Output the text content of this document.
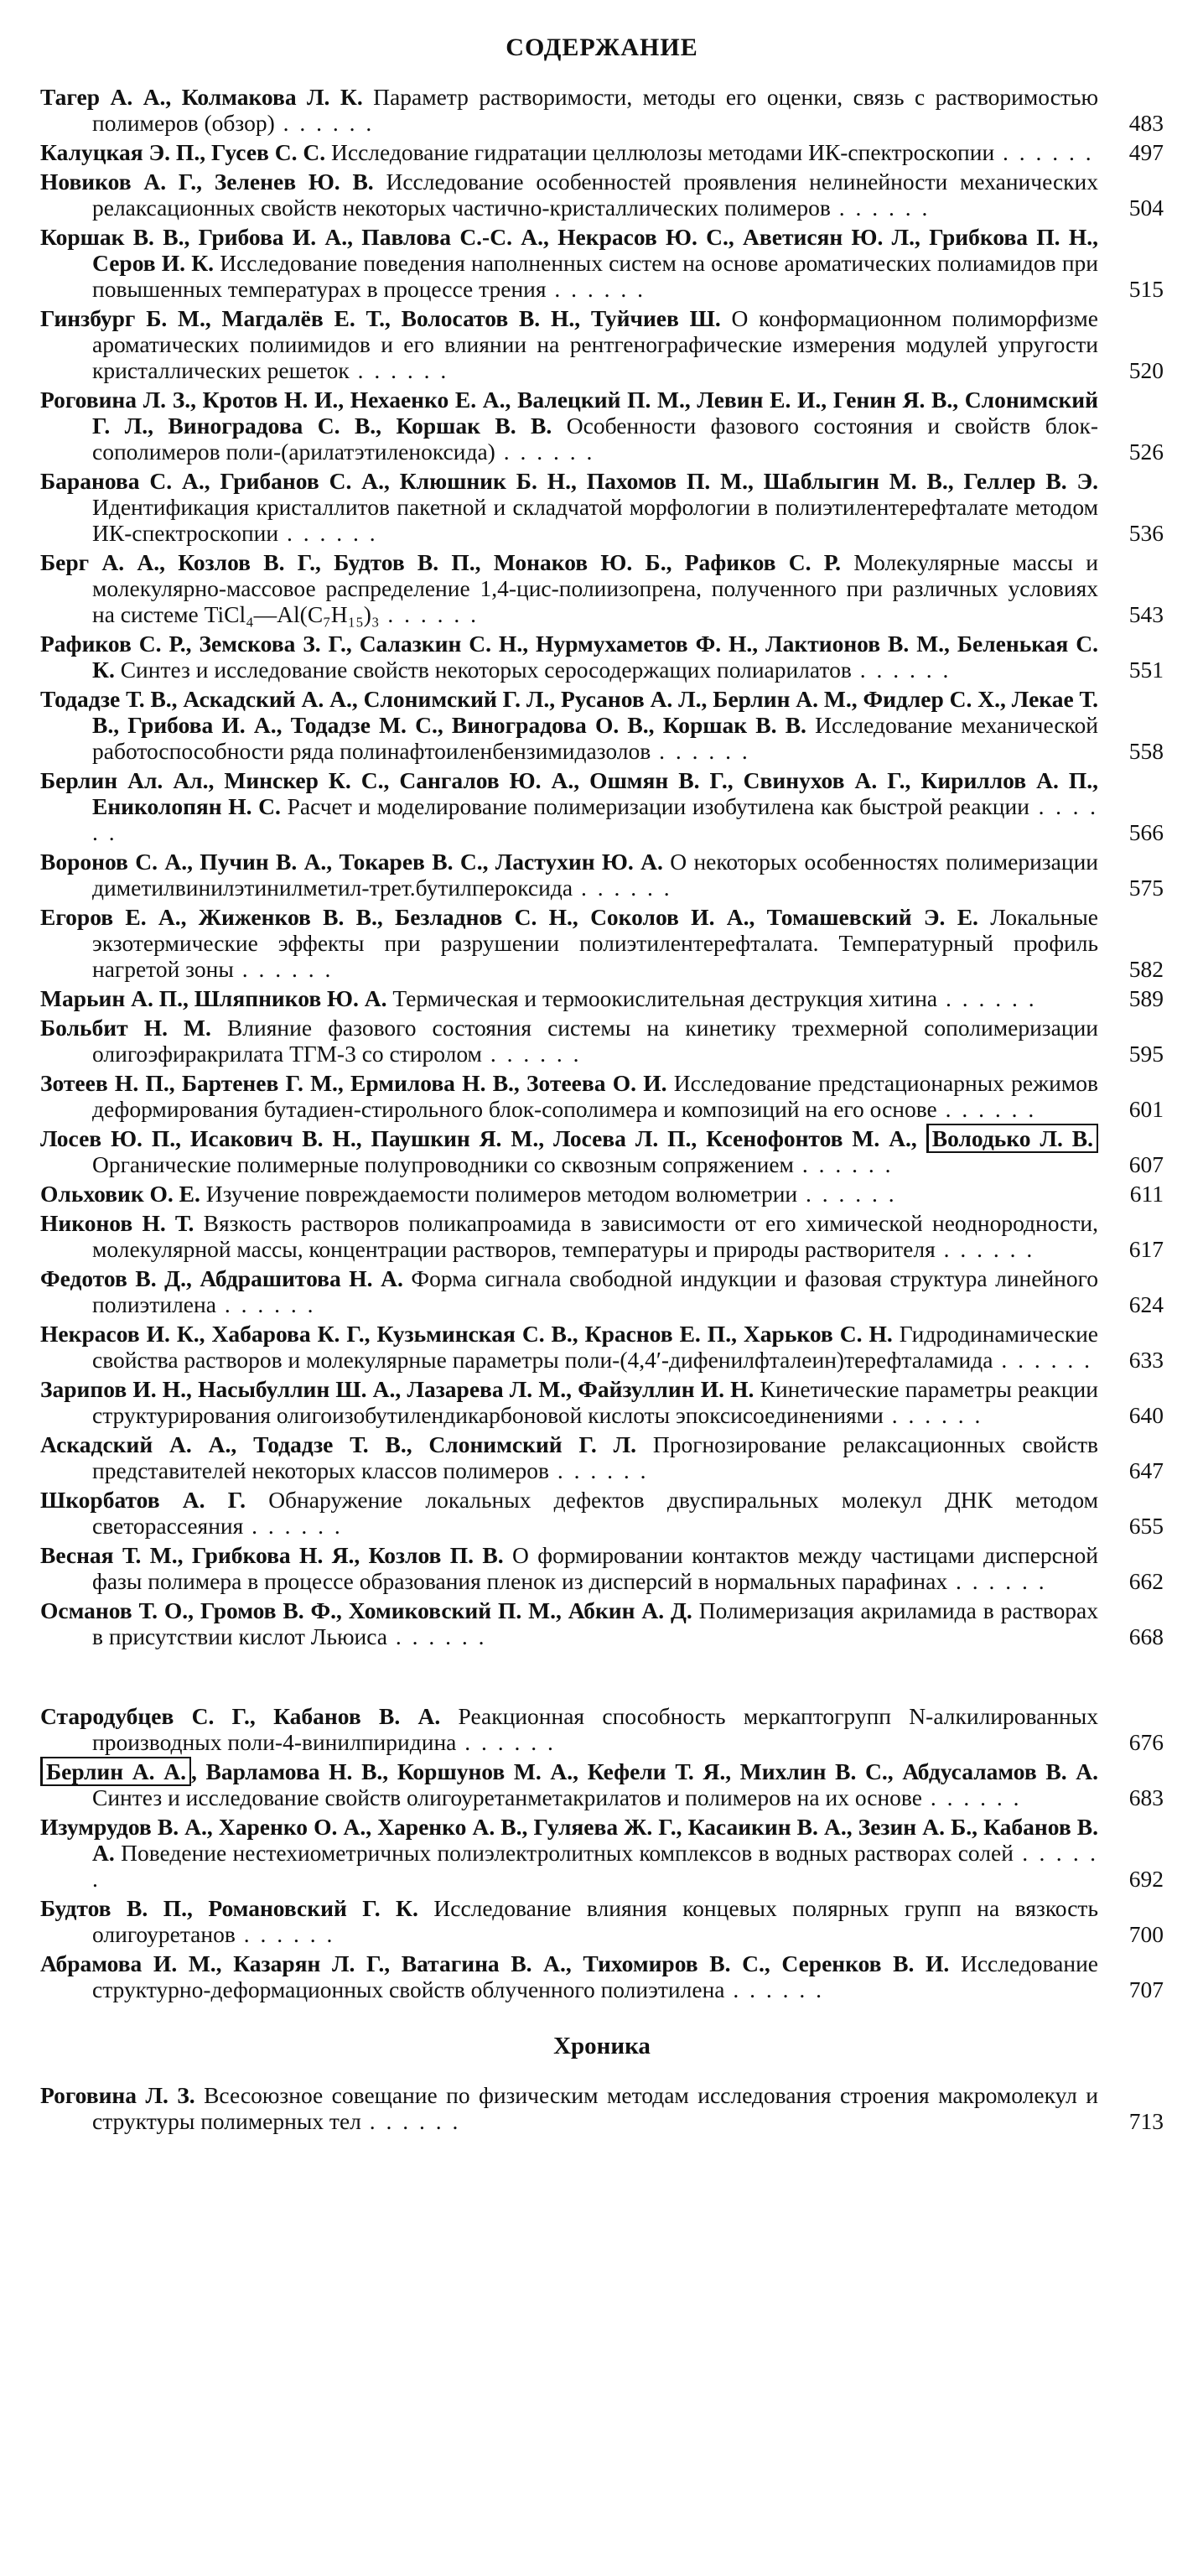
СОДЕРЖАНИЕ
Тагер А. А., Колмакова Л. К. Параметр растворимости, методы его оценки, связь с растворимостью полимеров (обзор) . . . . . .	483
Калуцкая Э. П., Гусев С. С. Исследование гидратации целлюлозы методами ИК-спектроскопии . . . . . .	497
Новиков А. Г., Зеленев Ю. В. Исследование особенностей проявления нелинейности механических релаксационных свойств некоторых частично-кристаллических полимеров . . . . . .	504
Коршак В. В., Грибова И. А., Павлова С.-С. А., Некрасов Ю. С., Аветисян Ю. Л., Грибкова П. Н., Серов И. К. Исследование поведения наполненных систем на основе ароматических полиамидов при повышенных температурах в процессе трения . . . . . .	515
Гинзбург Б. М., Магдалёв Е. Т., Волосатов В. Н., Туйчиев Ш. О конформационном полиморфизме ароматических полиимидов и его влиянии на рентгенографические измерения модулей упругости кристаллических решеток . . . . . .	520
Роговина Л. З., Кротов Н. И., Нехаенко Е. А., Валецкий П. М., Левин Е. И., Генин Я. В., Слонимский Г. Л., Виноградова С. В., Коршак В. В. Особенности фазового состояния и свойств блок-сополимеров поли-(арилатэтиленоксида) . . . . . .	526
Баранова С. А., Грибанов С. А., Клюшник Б. Н., Пахомов П. М., Шаблыгин М. В., Геллер В. Э. Идентификация кристаллитов пакетной и складчатой морфологии в полиэтилентерефталате методом ИК-спектроскопии . . . . . .	536
Берг А. А., Козлов В. Г., Будтов В. П., Монаков Ю. Б., Рафиков С. Р. Молекулярные массы и молекулярно-массовое распределение 1,4-цис-полиизопрена, полученного при различных условиях на системе TiCl₄—Al(C₇H₁₅)₃ . . . . . .	543
Рафиков С. Р., Земскова З. Г., Салазкин С. Н., Нурмухаметов Ф. Н., Лактионов В. М., Беленькая С. К. Синтез и исследование свойств некоторых серосодержащих полиарилатов . . . . . .	551
Тодадзе Т. В., Аскадский А. А., Слонимский Г. Л., Русанов А. Л., Берлин А. М., Фидлер С. Х., Лекае Т. В., Грибова И. А., Тодадзе М. С., Виноградова О. В., Коршак В. В. Исследование механической работоспособности ряда полинафтоиленбензимидазолов . . . . . .	558
Берлин Ал. Ал., Минскер К. С., Сангалов Ю. А., Ошмян В. Г., Свинухов А. Г., Кириллов А. П., Ениколопян Н. С. Расчет и моделирование полимеризации изобутилена как быстрой реакции . . . . . .	566
Воронов С. А., Пучин В. А., Токарев В. С., Ластухин Ю. А. О некоторых особенностях полимеризации диметилвинилэтинилметил-трет.бутилпероксида . . . . . .	575
Егоров Е. А., Жиженков В. В., Безладнов С. Н., Соколов И. А., Томашевский Э. Е. Локальные экзотермические эффекты при разрушении полиэтилентерефталата. Температурный профиль нагретой зоны . . . . . .	582
Марьин А. П., Шляпников Ю. А. Термическая и термоокислительная деструкция хитина . . . . . .	589
Больбит Н. М. Влияние фазового состояния системы на кинетику трехмерной сополимеризации олигоэфиракрилата ТГМ-3 со стиролом . . . . . .	595
Зотеев Н. П., Бартенев Г. М., Ермилова Н. В., Зотеева О. И. Исследование предстационарных режимов деформирования бутадиен-стирольного блок-сополимера и композиций на его основе . . . . . .	601
Лосев Ю. П., Исакович В. Н., Паушкин Я. М., Лосева Л. П., Ксенофонтов М. А., Володько Л. В. Органические полимерные полупроводники со сквозным сопряжением . . . . . .	607
Ольховик О. Е. Изучение повреждаемости полимеров методом волюметрии . . . . . .	611
Никонов Н. Т. Вязкость растворов поликапроамида в зависимости от его химической неоднородности, молекулярной массы, концентрации растворов, температуры и природы растворителя . . . . . .	617
Федотов В. Д., Абдрашитова Н. А. Форма сигнала свободной индукции и фазовая структура линейного полиэтилена . . . . . .	624
Некрасов И. К., Хабарова К. Г., Кузьминская С. В., Краснов Е. П., Харьков С. Н. Гидродинамические свойства растворов и молекулярные параметры поли-(4,4′-дифенилфталеин)терефталамида . . . . . .	633
Зарипов И. Н., Насыбуллин Ш. А., Лазарева Л. М., Файзуллин И. Н. Кинетические параметры реакции структурирования олигоизобутилендикарбоновой кислоты эпоксисоединениями . . . . . .	640
Аскадский А. А., Тодадзе Т. В., Слонимский Г. Л. Прогнозирование релаксационных свойств представителей некоторых классов полимеров . . . . . .	647
Шкорбатов А. Г. Обнаружение локальных дефектов двуспиральных молекул ДНК методом светорассеяния . . . . . .	655
Весная Т. М., Грибкова Н. Я., Козлов П. В. О формировании контактов между частицами дисперсной фазы полимера в процессе образования пленок из дисперсий в нормальных парафинах . . . . . .	662
Османов Т. О., Громов В. Ф., Хомиковский П. М., Абкин А. Д. Полимеризация акриламида в растворах в присутствии кислот Льюиса . . . . . .	668
Стародубцев С. Г., Кабанов В. А. Реакционная способность меркаптогрупп N-алкилированных производных поли-4-винилпиридина . . . . . .	676
Берлин А. А. , Варламова Н. В., Коршунов М. А., Кефели Т. Я., Михлин В. С., Абдусаламов В. А. Синтез и исследование свойств олигоуретанметакрилатов и полимеров на их основе . . . . . .	683
Изумрудов В. А., Харенко О. А., Харенко А. В., Гуляева Ж. Г., Касаикин В. А., Зезин А. Б., Кабанов В. А. Поведение нестехиометричных полиэлектролитных комплексов в водных растворах солей . . . . . .	692
Будтов В. П., Романовский Г. К. Исследование влияния концевых полярных групп на вязкость олигоуретанов . . . . . .	700
Абрамова И. М., Казарян Л. Г., Ватагина В. А., Тихомиров В. С., Серенков В. И. Исследование структурно-деформационных свойств облученного полиэтилена . . . . . .	707
Хроника
Роговина Л. З. Всесоюзное совещание по физическим методам исследования строения макромолекул и структуры полимерных тел . . . . . .	713
